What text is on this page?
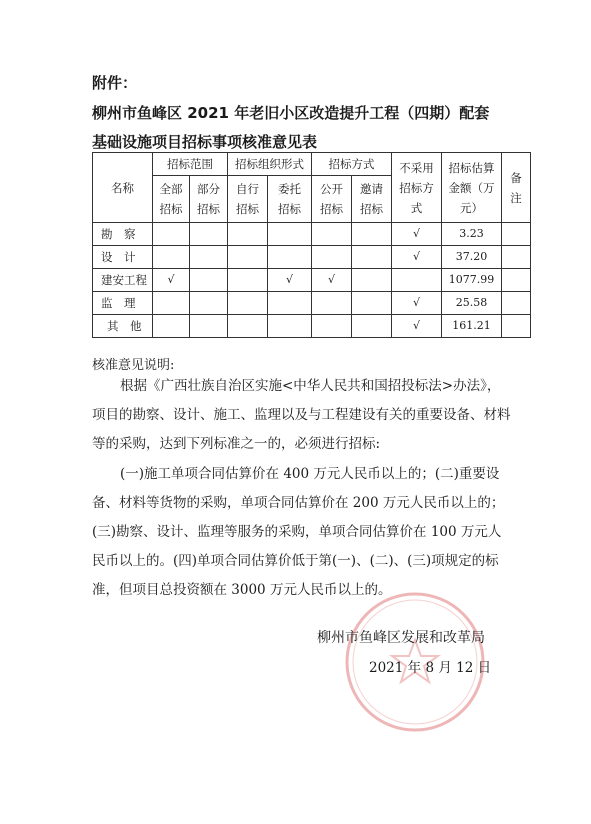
附件：
柳州市鱼峰区 2021 年老旧小区改造提升工程（四期）配套
基础设施项目招标事项核准意见表
名称	招标范围		招标组织形式		招标方式		不采用招标方式	招标估算金额（万元）	备注
	全部招标	部分招标	自行招标	委托招标	公开招标	邀请招标			
勘　察							√	3.23	
设　计							√	37.20	
建安工程	√			√	√			1077.99	
监　理							√	25.58	
其　他							√	161.21	
核准意见说明:
根据《广西壮族自治区实施<中华人民共和国招投标法>办法》，项目的勘察、设计、施工、监理以及与工程建设有关的重要设备、材料等的采购，达到下列标准之一的，必须进行招标:
(一)施工单项合同估算价在 400 万元人民币以上的；(二)重要设备、材料等货物的采购，单项合同估算价在 200 万元人民币以上的；(三)勘察、设计、监理等服务的采购，单项合同估算价在 100 万元人民币以上的。(四)单项合同估算价低于第(一)、(二)、(三)项规定的标准，但项目总投资额在 3000 万元人民币以上的。
柳州市鱼峰区发展和改革局
2021 年 8 月 12 日
